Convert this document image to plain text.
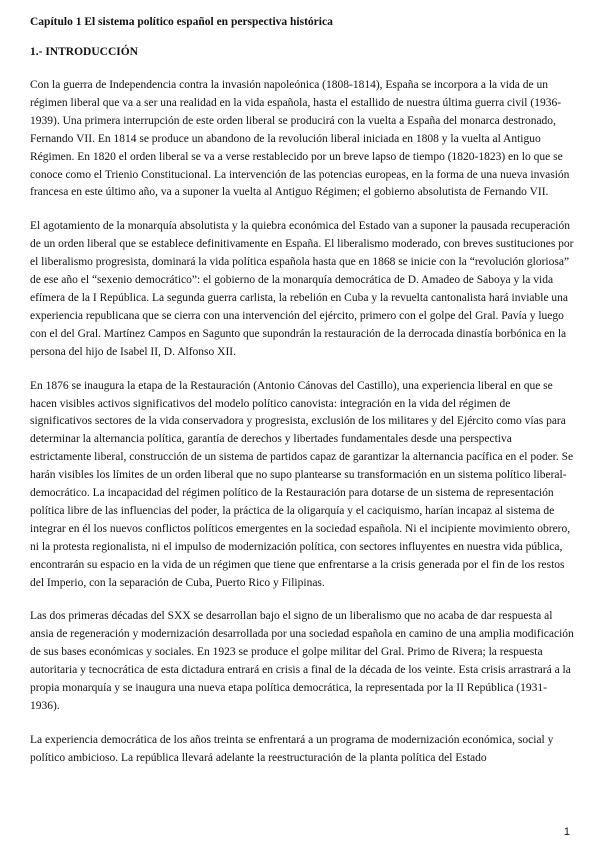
Capítulo 1 El sistema político español en perspectiva histórica
1.- INTRODUCCIÓN

Con la guerra de Independencia contra la invasión napoleónica (1808-1814), España se incorpora a la vida de un régimen liberal que va a ser una realidad en la vida española, hasta el estallido de nuestra última guerra civil (1936-1939). Una primera interrupción de este orden liberal se producirá con la vuelta a España del monarca destronado, Fernando VII. En 1814 se produce un abandono de la revolución liberal iniciada en 1808 y la vuelta al Antiguo Régimen. En 1820 el orden liberal se va a verse restablecido por un breve lapso de tiempo (1820-1823) en lo que se conoce como el Trienio Constitucional. La intervención de las potencias europeas, en la forma de una nueva invasión francesa en este último año, va a suponer la vuelta al Antiguo Régimen; el gobierno absolutista de Fernando VII.

El agotamiento de la monarquía absolutista y la quiebra económica del Estado van a suponer la pausada recuperación de un orden liberal que se establece definitivamente en España. El liberalismo moderado, con breves sustituciones por el liberalismo progresista, dominará la vida política española hasta que en 1868 se inicie con la “revolución gloriosa” de ese año el “sexenio democrático”: el gobierno de la monarquía democrática de D. Amadeo de Saboya y la vida efímera de la I República. La segunda guerra carlista, la rebelión en Cuba y la revuelta cantonalista hará inviable una experiencia republicana que se cierra con una intervención del ejército, primero con el golpe del Gral. Pavía y luego con el del Gral. Martínez Campos en Sagunto que supondrán la restauración de la derrocada dinastía borbónica en la persona del hijo de Isabel II, D. Alfonso XII.

En 1876 se inaugura la etapa de la Restauración (Antonio Cánovas del Castillo), una experiencia liberal en que se hacen visibles activos significativos del modelo político canovista: integración en la vida del régimen de significativos sectores de la vida conservadora y progresista, exclusión de los militares y del Ejército como vías para determinar la alternancia política, garantía de derechos y libertades fundamentales desde una perspectiva estrictamente liberal, construcción de un sistema de partidos capaz de garantizar la alternancia pacífica en el poder. Se harán visibles los límites de un orden liberal que no supo plantearse su transformación en un sistema político liberal-democrático. La incapacidad del régimen político de la Restauración para dotarse de un sistema de representación política libre de las influencias del poder, la práctica de la oligarquía y el caciquismo, harían incapaz al sistema de integrar en él los nuevos conflictos políticos emergentes en la sociedad española. Ni el incipiente movimiento obrero, ni la protesta regionalista, ni el impulso de modernización política, con sectores influyentes en nuestra vida pública, encontrarán su espacio en la vida de un régimen que tiene que enfrentarse a la crisis generada por el fin de los restos del Imperio, con la separación de Cuba, Puerto Rico y Filipinas.

Las dos primeras décadas del SXX se desarrollan bajo el signo de un liberalismo que no acaba de dar respuesta al ansia de regeneración y modernización desarrollada por una sociedad española en camino de una amplia modificación de sus bases económicas y sociales. En 1923 se produce el golpe militar del Gral. Primo de Rivera; la respuesta autoritaria y tecnocrática de esta dictadura entrará en crisis a final de la década de los veinte. Esta crisis arrastrará a la propia monarquía y se inaugura una nueva etapa política democrática, la representada por la II República (1931-1936).

La experiencia democrática de los años treinta se enfrentará a un programa de modernización económica, social y político ambicioso. La república llevará adelante la reestructuración de la planta política del Estado

1
